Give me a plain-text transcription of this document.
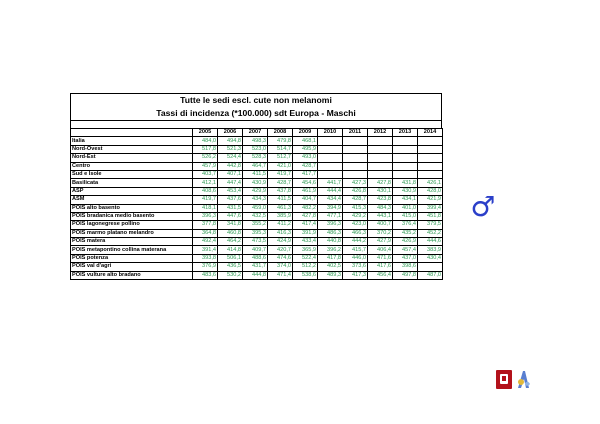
Tutte le sedi escl. cute non melanomi
Tassi di incidenza (*100.000) sdt Europa - Maschi
	2005	2006	2007	2008	2009	2010	2011	2012	2013	2014
Italia	484,0	494,8	498,3	479,8	468,1					
Nord-Ovest	517,8	521,3	523,0	514,7	495,9					
Nord-Est	526,2	524,4	528,3	512,7	493,0					
Centro	457,9	442,8	464,7	421,0	428,7					
Sud e Isole	403,7	407,1	411,5	419,7	417,7					
Basilicata	412,1	447,4	430,9	428,7	454,6	441,7	427,3	427,8	431,8	426,1
ASP	408,6	453,4	429,9	437,8	461,9	444,4	426,8	430,1	430,9	428,0
ASM	419,7	437,6	434,3	411,5	404,7	434,4	428,7	423,8	434,1	421,9
POIS alto basento	418,1	431,5	459,0	461,3	482,2	394,9	415,3	484,3	401,0	399,4
POIS bradanica medio basento	396,3	447,6	432,5	385,9	427,8	477,1	429,2	443,1	415,0	451,8
POIS lagonegrese pollino	377,8	341,8	355,2	411,2	417,4	396,3	423,0	400,7	376,4	379,5
POIS marmo platano melandro	364,8	460,8	395,3	416,3	391,9	486,3	466,3	370,2	435,2	452,2
POIS matera	492,4	464,2	473,5	424,9	433,4	440,8	444,2	427,9	426,9	444,6
POIS metapontino collina materana	391,4	414,8	409,7	420,7	365,9	396,2	415,7	406,4	457,4	383,9
POIS potenza	393,8	506,1	488,6	474,6	522,4	417,8	446,0	471,6	437,0	430,4
POIS val d'agri	376,9	436,5	431,7	374,0	512,2	402,5	373,6	417,6	398,6	
POIS vulture alto bradano	483,6	530,2	444,8	471,4	538,6	489,3	417,3	456,4	497,8	487,0
♂
